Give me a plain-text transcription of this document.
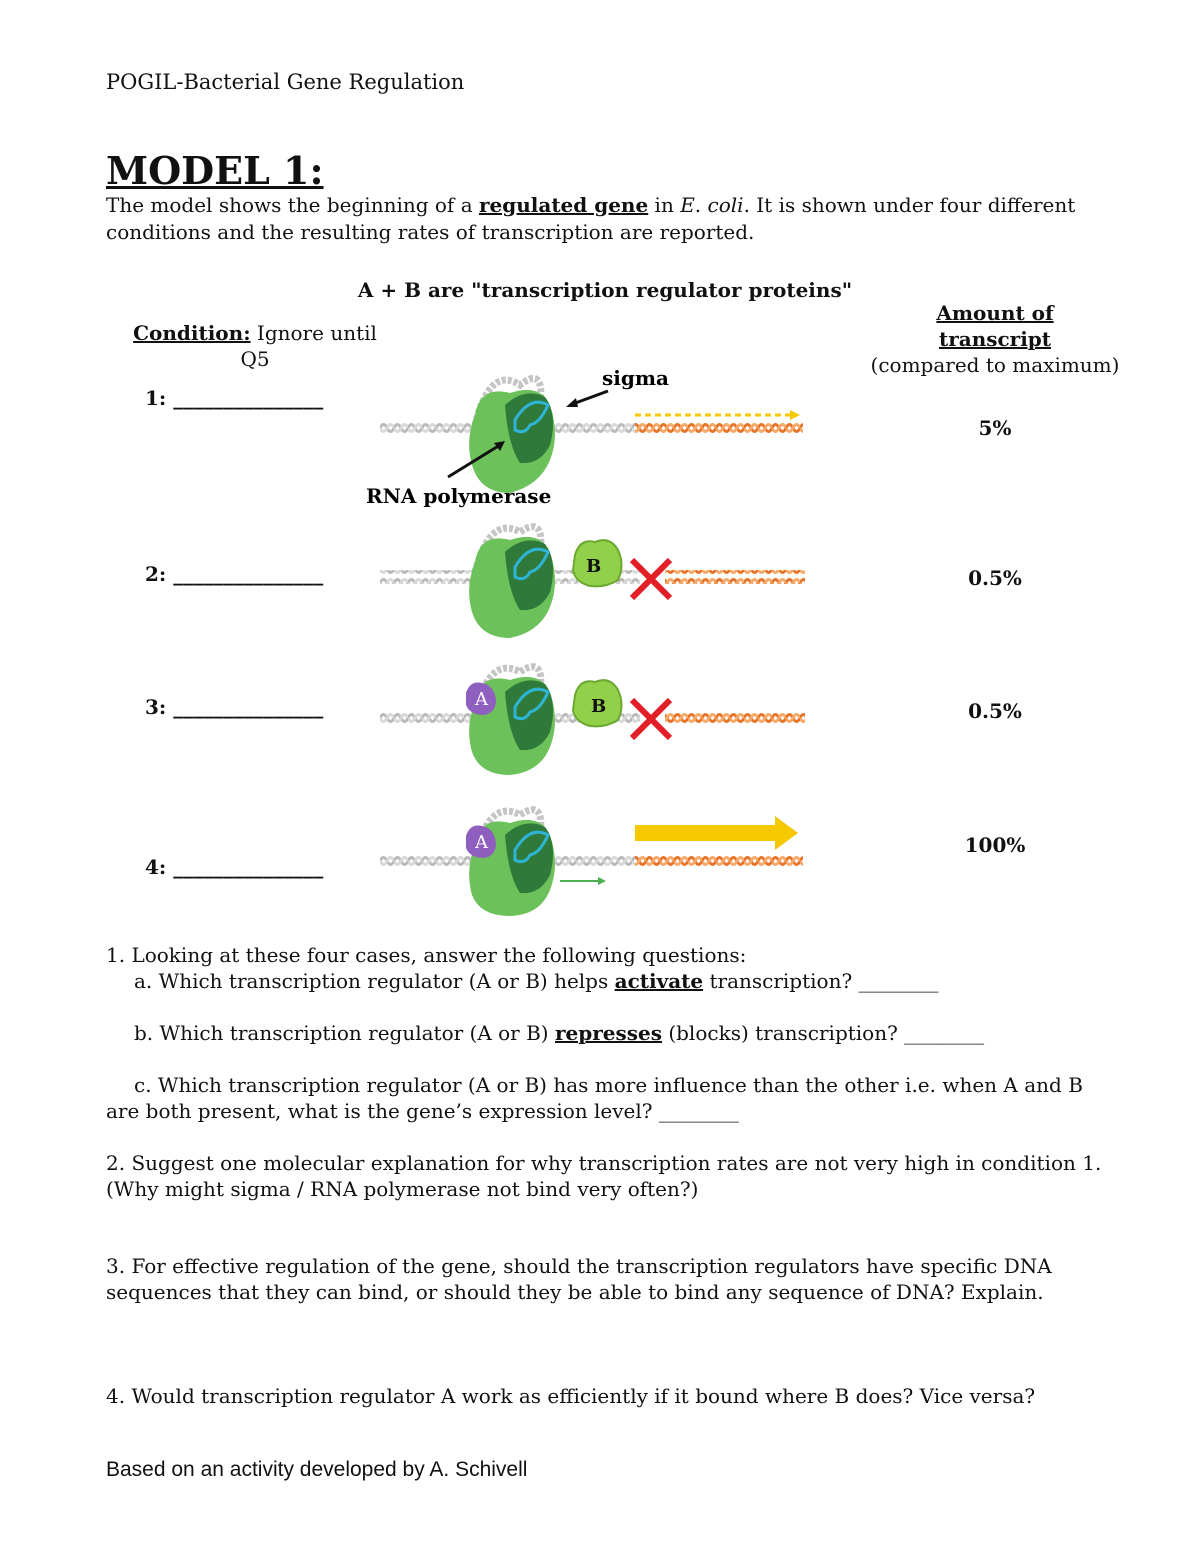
POGIL-Bacterial Gene Regulation
MODEL 1:
The model shows the beginning of a regulated gene in E. coli. It is shown under four different conditions and the resulting rates of transcription are reported.
A + B are "transcription regulator proteins"
Condition: Ignore until Q5
Amount of
transcript
(compared to maximum)
1: _______________
2: _______________
3: _______________
4: _______________
5%
0.5%
0.5%
100%
sigma
RNA polymerase
B
A	B
A
1. Looking at these four cases, answer the following questions:
a. Which transcription regulator (A or B) helps activate transcription? ________
b. Which transcription regulator (A or B) represses (blocks) transcription? ________
c. Which transcription regulator (A or B) has more influence than the other i.e. when A and B are both present, what is the gene’s expression level? ________
2. Suggest one molecular explanation for why transcription rates are not very high in condition 1. (Why might sigma / RNA polymerase not bind very often?)
3. For effective regulation of the gene, should the transcription regulators have specific DNA sequences that they can bind, or should they be able to bind any sequence of DNA? Explain.
4. Would transcription regulator A work as efficiently if it bound where B does? Vice versa?
Based on an activity developed by A. Schivell
